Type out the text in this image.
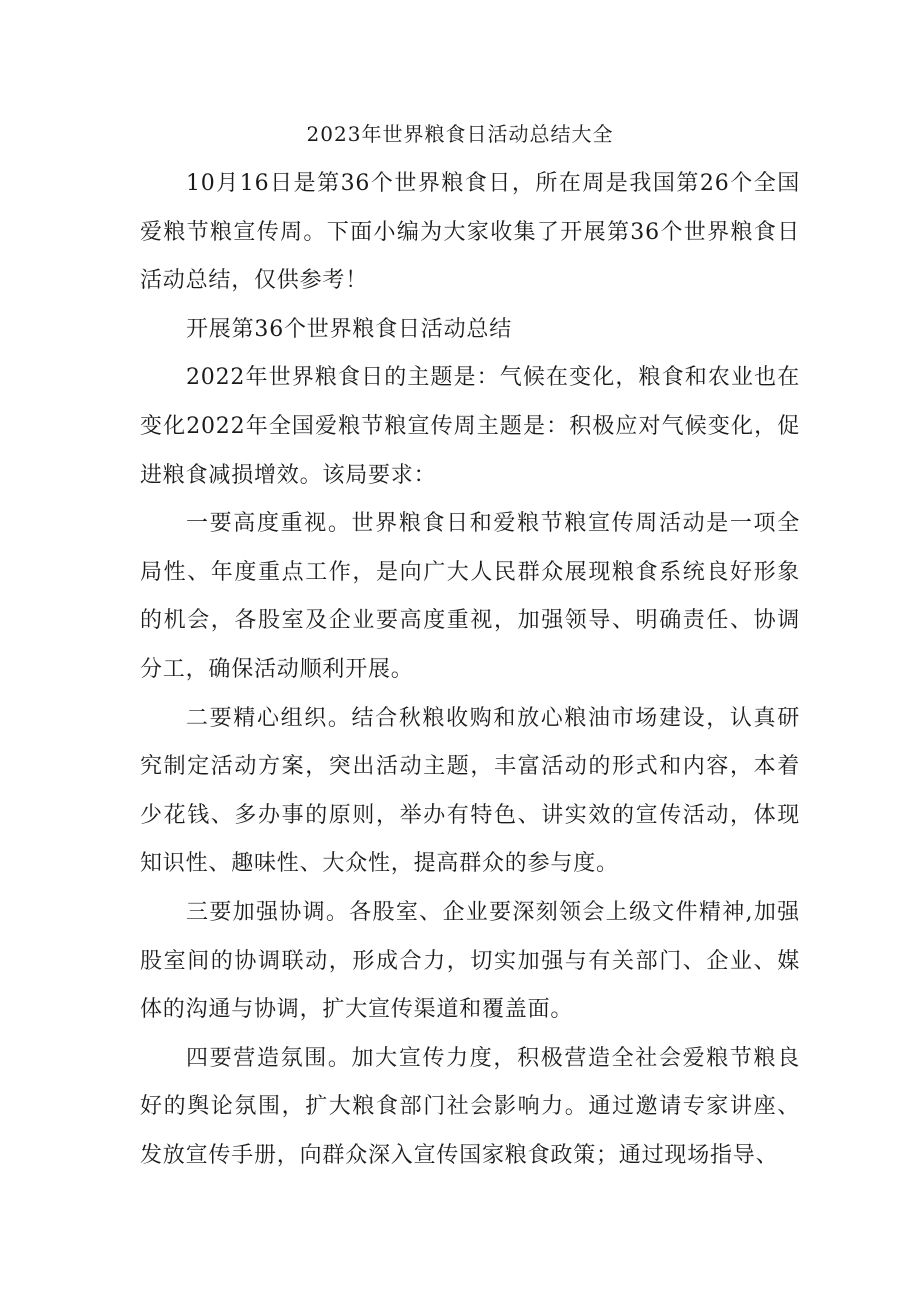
2023年世界粮食日活动总结大全

10月16日是第36个世界粮食日，所在周是我国第26个全国爱粮节粮宣传周。下面小编为大家收集了开展第36个世界粮食日活动总结，仅供参考！

开展第36个世界粮食日活动总结

2022年世界粮食日的主题是：气候在变化，粮食和农业也在变化2022年全国爱粮节粮宣传周主题是：积极应对气候变化，促进粮食减损增效。该局要求：

一要高度重视。世界粮食日和爱粮节粮宣传周活动是一项全局性、年度重点工作，是向广大人民群众展现粮食系统良好形象的机会，各股室及企业要高度重视，加强领导、明确责任、协调分工，确保活动顺利开展。

二要精心组织。结合秋粮收购和放心粮油市场建设，认真研究制定活动方案，突出活动主题，丰富活动的形式和内容，本着少花钱、多办事的原则，举办有特色、讲实效的宣传活动，体现知识性、趣味性、大众性，提高群众的参与度。

三要加强协调。各股室、企业要深刻领会上级文件精神,加强股室间的协调联动，形成合力，切实加强与有关部门、企业、媒体的沟通与协调，扩大宣传渠道和覆盖面。

四要营造氛围。加大宣传力度，积极营造全社会爱粮节粮良好的舆论氛围，扩大粮食部门社会影响力。通过邀请专家讲座、发放宣传手册，向群众深入宣传国家粮食政策；通过现场指导、
